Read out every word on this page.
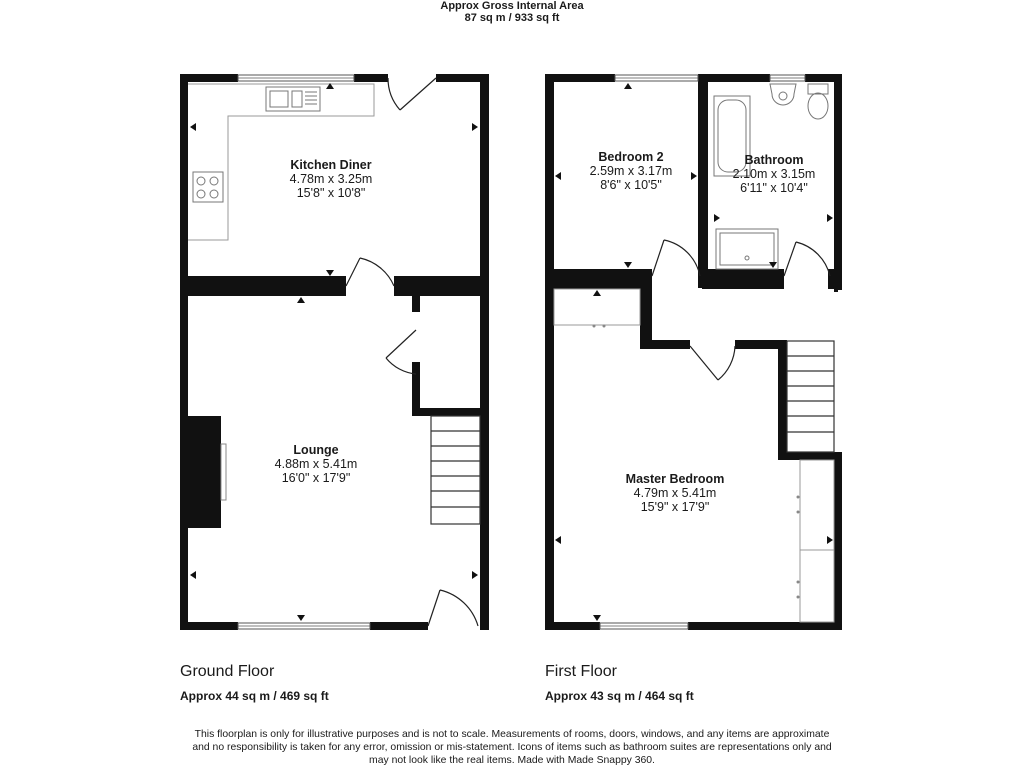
Approx Gross Internal Area
87 sq m / 933 sq ft
Kitchen Diner
4.78m x 3.25m
15'8" x 10'8"
Lounge
4.88m x 5.41m
16'0" x 17'9"
Bedroom 2
2.59m x 3.17m
8'6" x 10'5"
Bathroom
2.10m x 3.15m
6'11" x 10'4"
Master Bedroom
4.79m x 5.41m
15'9" x 17'9"
Ground Floor
Approx 44 sq m / 469 sq ft
First Floor
Approx 43 sq m / 464 sq ft
This floorplan is only for illustrative purposes and is not to scale. Measurements of rooms, doors, windows, and any items are approximate
and no responsibility is taken for any error, omission or mis-statement. Icons of items such as bathroom suites are representations only and
may not look like the real items. Made with Made Snappy 360.
